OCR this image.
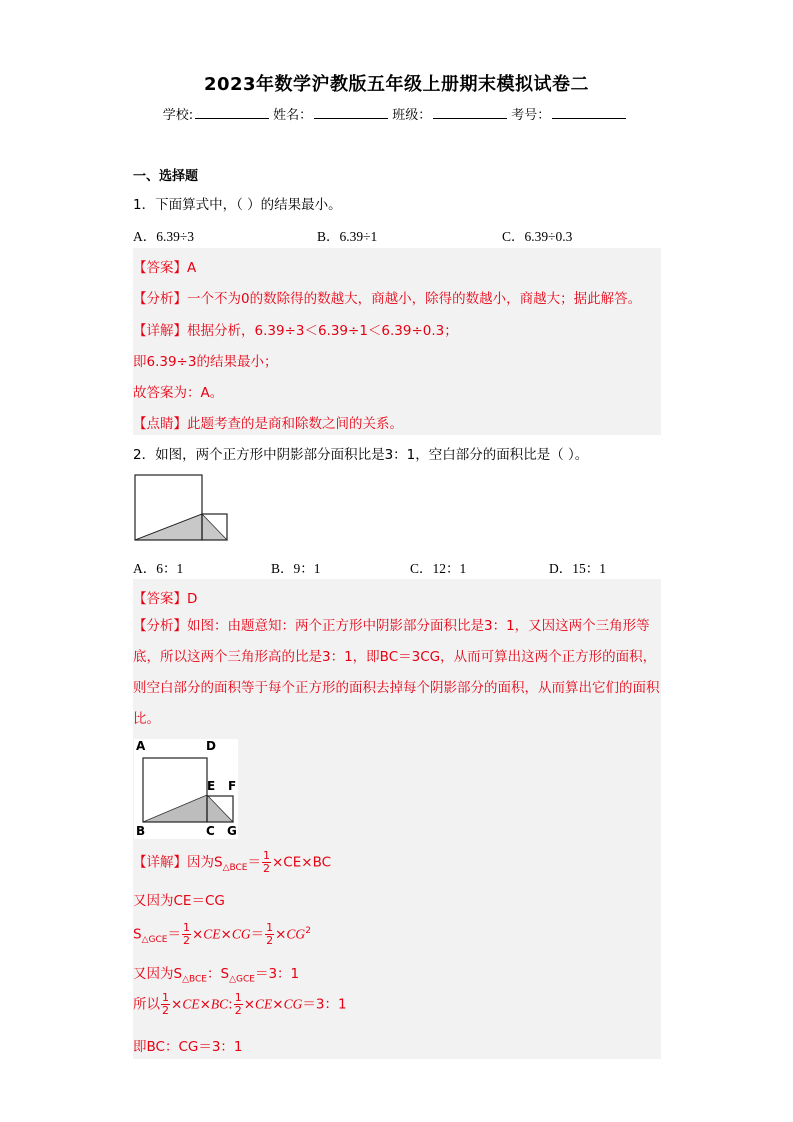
2023年数学沪教版五年级上册期末模拟试卷二
学校:	姓名：	班级：	考号：
一、选择题
1．下面算式中，（ ）的结果最小。
A．6.39÷3	B．6.39÷1	C．6.39÷0.3
【答案】A
【分析】一个不为0的数除得的数越大，商越小，除得的数越小，商越大；据此解答。
【详解】根据分析，6.39÷3＜6.39÷1＜6.39÷0.3；
即6.39÷3的结果最小；
故答案为：A。
【点睛】此题考查的是商和除数之间的关系。
2．如图，两个正方形中阴影部分面积比是3：1，空白部分的面积比是（ ）。
A．6：1	B．9：1	C．12：1	D．15：1
【答案】D
【分析】如图：由题意知：两个正方形中阴影部分面积比是3：1，又因这两个三角形等底，所以这两个三角形高的比是3：1，即BC＝3CG，从而可算出这两个正方形的面积，则空白部分的面积等于每个正方形的面积去掉每个阴影部分的面积，从而算出它们的面积比。
A	D
E F
B	C G
【详解】因为$S_{\triangle BCE}= \frac{1}{2} \times CE\times BC$
又因为CE＝CG
$S_{\triangle GCE}= \frac{1}{2} \times CE\times CG= \frac{1}{2} \times CG^2$
又因为$S_{\triangle BCE}$：$S_{\triangle GCE}=3$：1
所以 $\frac{1}{2} \times CE\times BC$: $\frac{1}{2} \times CE\times CG=3$：1
即BC：CG＝3：1
